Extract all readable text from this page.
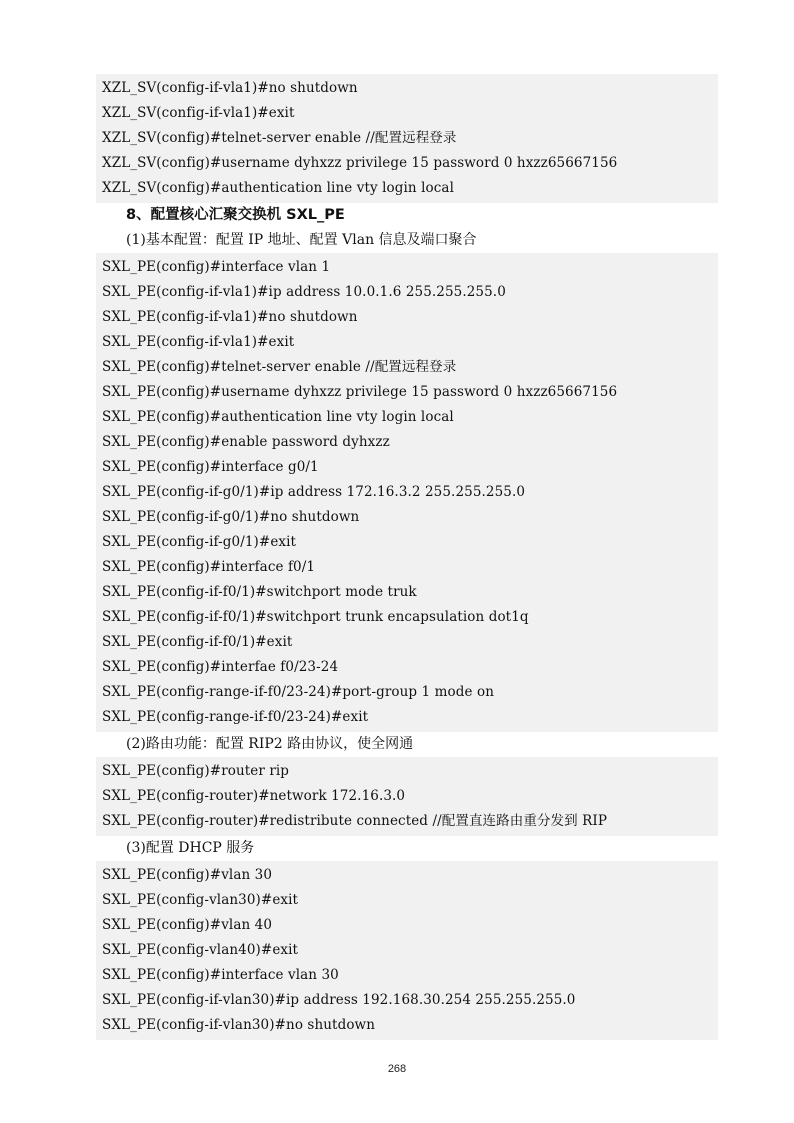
XZL_SV(config-if-vla1)#no shutdown
XZL_SV(config-if-vla1)#exit
XZL_SV(config)#telnet-server enable //配置远程登录
XZL_SV(config)#username dyhxzz privilege 15 password 0 hxzz65667156
XZL_SV(config)#authentication line vty login local
8、配置核心汇聚交换机 SXL_PE
(1)基本配置：配置 IP 地址、配置 Vlan 信息及端口聚合
SXL_PE(config)#interface vlan 1
SXL_PE(config-if-vla1)#ip address 10.0.1.6 255.255.255.0
SXL_PE(config-if-vla1)#no shutdown
SXL_PE(config-if-vla1)#exit
SXL_PE(config)#telnet-server enable //配置远程登录
SXL_PE(config)#username dyhxzz privilege 15 password 0 hxzz65667156
SXL_PE(config)#authentication line vty login local
SXL_PE(config)#enable password dyhxzz
SXL_PE(config)#interface g0/1
SXL_PE(config-if-g0/1)#ip address 172.16.3.2 255.255.255.0
SXL_PE(config-if-g0/1)#no shutdown
SXL_PE(config-if-g0/1)#exit
SXL_PE(config)#interface f0/1
SXL_PE(config-if-f0/1)#switchport mode truk
SXL_PE(config-if-f0/1)#switchport trunk encapsulation dot1q
SXL_PE(config-if-f0/1)#exit
SXL_PE(config)#interfae f0/23-24
SXL_PE(config-range-if-f0/23-24)#port-group 1 mode on
SXL_PE(config-range-if-f0/23-24)#exit
(2)路由功能：配置 RIP2 路由协议，使全网通
SXL_PE(config)#router rip
SXL_PE(config-router)#network 172.16.3.0
SXL_PE(config-router)#redistribute connected //配置直连路由重分发到 RIP
(3)配置 DHCP 服务
SXL_PE(config)#vlan 30
SXL_PE(config-vlan30)#exit
SXL_PE(config)#vlan 40
SXL_PE(config-vlan40)#exit
SXL_PE(config)#interface vlan 30
SXL_PE(config-if-vlan30)#ip address 192.168.30.254 255.255.255.0
SXL_PE(config-if-vlan30)#no shutdown
268
